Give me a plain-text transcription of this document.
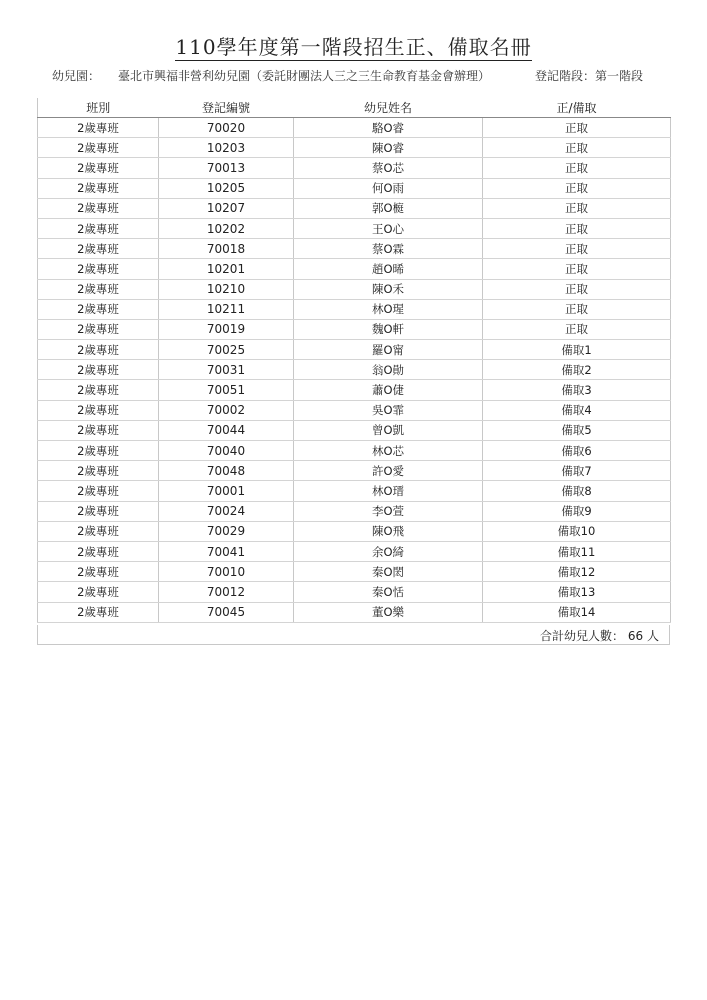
110學年度第一階段招生正、備取名冊
幼兒園： 臺北市興福非營利幼兒園（委託財團法人三之三生命教育基金會辦理）	登記階段：第一階段
班別	登記編號	幼兒姓名	正/備取
2歲專班	70020	駱O睿	正取
2歲專班	10203	陳O睿	正取
2歲專班	70013	蔡O芯	正取
2歲專班	10205	何O雨	正取
2歲專班	10207	郭O榳	正取
2歲專班	10202	王O心	正取
2歲專班	70018	蔡O霖	正取
2歲專班	10201	趙O晞	正取
2歲專班	10210	陳O禾	正取
2歲專班	10211	林O瑆	正取
2歲專班	70019	魏O軒	正取
2歲專班	70025	羅O甯	備取1
2歲專班	70031	翁O勛	備取2
2歲專班	70051	蕭O倢	備取3
2歲專班	70002	吳O霏	備取4
2歲專班	70044	曾O凱	備取5
2歲專班	70040	林O芯	備取6
2歲專班	70048	許O愛	備取7
2歲專班	70001	林O瑨	備取8
2歲專班	70024	李O萱	備取9
2歲專班	70029	陳O飛	備取10
2歲專班	70041	余O綺	備取11
2歲專班	70010	秦O閎	備取12
2歲專班	70012	秦O恬	備取13
2歲專班	70045	董O樂	備取14
合計幼兒人數： 66 人
